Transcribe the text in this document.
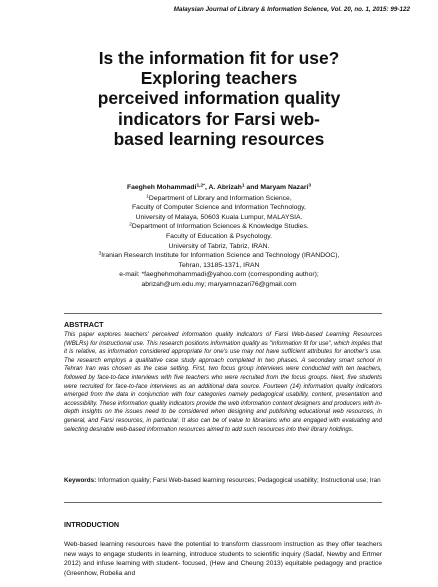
Malaysian Journal of Library & Information Science, Vol. 20, no. 1, 2015: 99-122
Is the information fit for use?
Exploring teachers
perceived information quality
indicators for Farsi web-
based learning resources
Faegheh Mohammadi$^{1,2*}$, A. Abrizah$^1$ and Maryam Nazari$^3$
$^1$Department of Library and Information Science,
Faculty of Computer Science and Information Technology,
University of Malaya, 50603 Kuala Lumpur, MALAYSIA.
$^2$Department of Information Sciences & Knowledge Studies.
Faculty of Education & Psychology.
University of Tabriz, Tabriz, IRAN.
$^3$Iranian Research Institute for Information Science and Technology (IRANDOC),
Tehran, 13185-1371, IRAN
e-mail: *faeghehmohammadi@yahoo.com (corresponding author);
abrizah@um.edu.my; maryamnazari76@gmail.com
ABSTRACT
This paper explores teachers' perceived information quality indicators of Farsi Web-based Learning Resources (WBLRs) for instructional use. This research positions information quality as "information fit for use", which implies that it is relative, as information considered appropriate for one's use may not have sufficient attributes for another's use. The research employs a qualitative case study approach completed in two phases. A secondary smart school in Tehran Iran was chosen as the case setting. First, two focus group interviews were conducted with ten teachers, followed by face-to-face interviews with five teachers who were recruited from the focus groups. Next, five students were recruited for face-to-face interviews as an additional data source. Fourteen (14) information quality indicators emerged from the data in conjunction with four categories namely pedagogical usability, content, presentation and accessibility. These information quality indicators provide the web information content designers and producers with in-depth insights on the issues need to be considered when designing and publishing educational web resources, in general, and Farsi resources, in particular. It also can be of value to librarians who are engaged with evaluating and selecting desirable web-based information resources aimed to add such resources into their library holdings.
Keywords: Information quality; Farsi Web-based learning resources; Pedagogical usability; Instructional use; Iran
INTRODUCTION
Web-based learning resources have the potential to transform classroom instruction as they offer teachers new ways to engage students in learning, introduce students to scientific inquiry (Sadaf, Newby and Ertmer 2012) and infuse learning with student- focused, (Hew and Cheung 2013) equitable pedagogy and practice (Greenhow, Robelia and
